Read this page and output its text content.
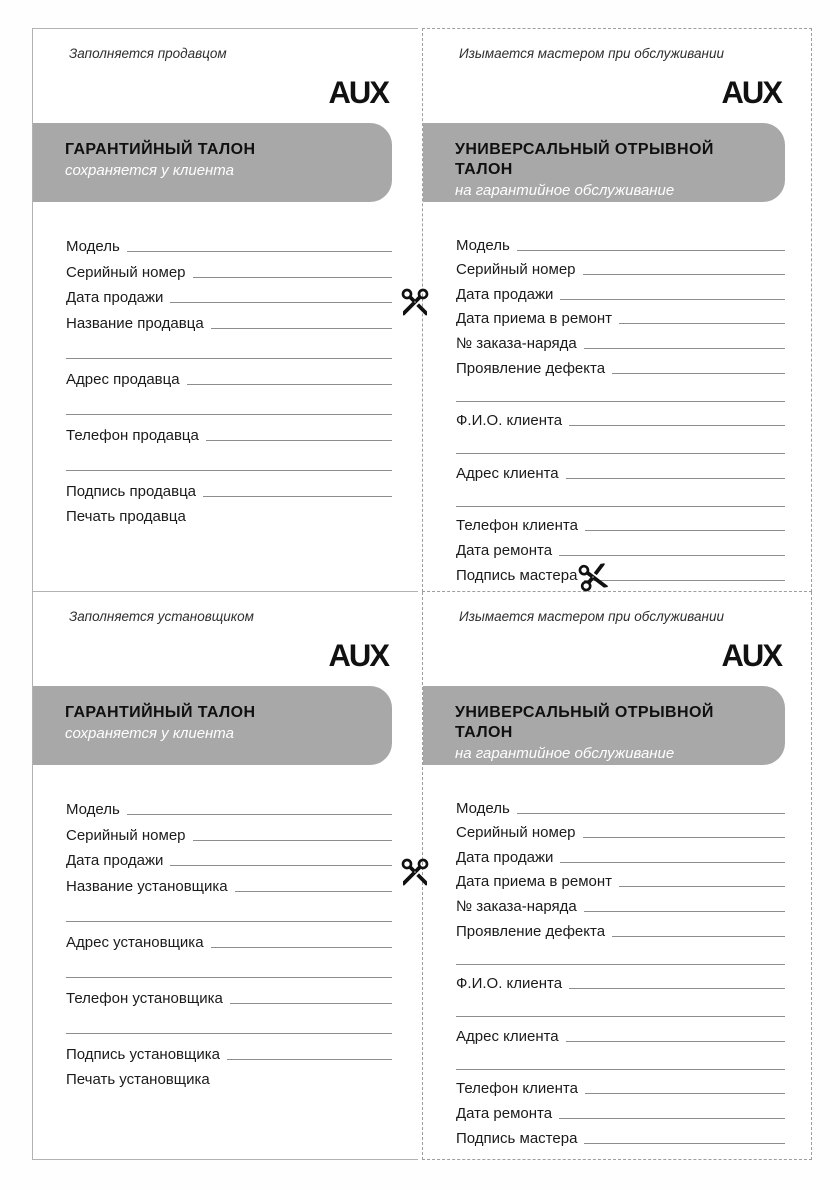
Заполняется продавцом
AUX
ГАРАНТИЙНЫЙ ТАЛОН
сохраняется у клиента
Модель
Серийный номер
Дата продажи
Название продавца
Адрес продавца
Телефон продавца
Подпись продавца
Печать продавца
Изымается мастером при обслуживании
AUX
УНИВЕРСАЛЬНЫЙ ОТРЫВНОЙ ТАЛОН
на гарантийное обслуживание
Модель
Серийный номер
Дата продажи
Дата приема в ремонт
№ заказа-наряда
Проявление дефекта
Ф.И.О. клиента
Адрес клиента
Телефон клиента
Дата ремонта
Подпись мастера
Заполняется установщиком
AUX
ГАРАНТИЙНЫЙ ТАЛОН
сохраняется у клиента
Модель
Серийный номер
Дата продажи
Название установщика
Адрес установщика
Телефон установщика
Подпись установщика
Печать установщика
Изымается мастером при обслуживании
AUX
УНИВЕРСАЛЬНЫЙ ОТРЫВНОЙ ТАЛОН
на гарантийное обслуживание
Модель
Серийный номер
Дата продажи
Дата приема в ремонт
№ заказа-наряда
Проявление дефекта
Ф.И.О. клиента
Адрес клиента
Телефон клиента
Дата ремонта
Подпись мастера
